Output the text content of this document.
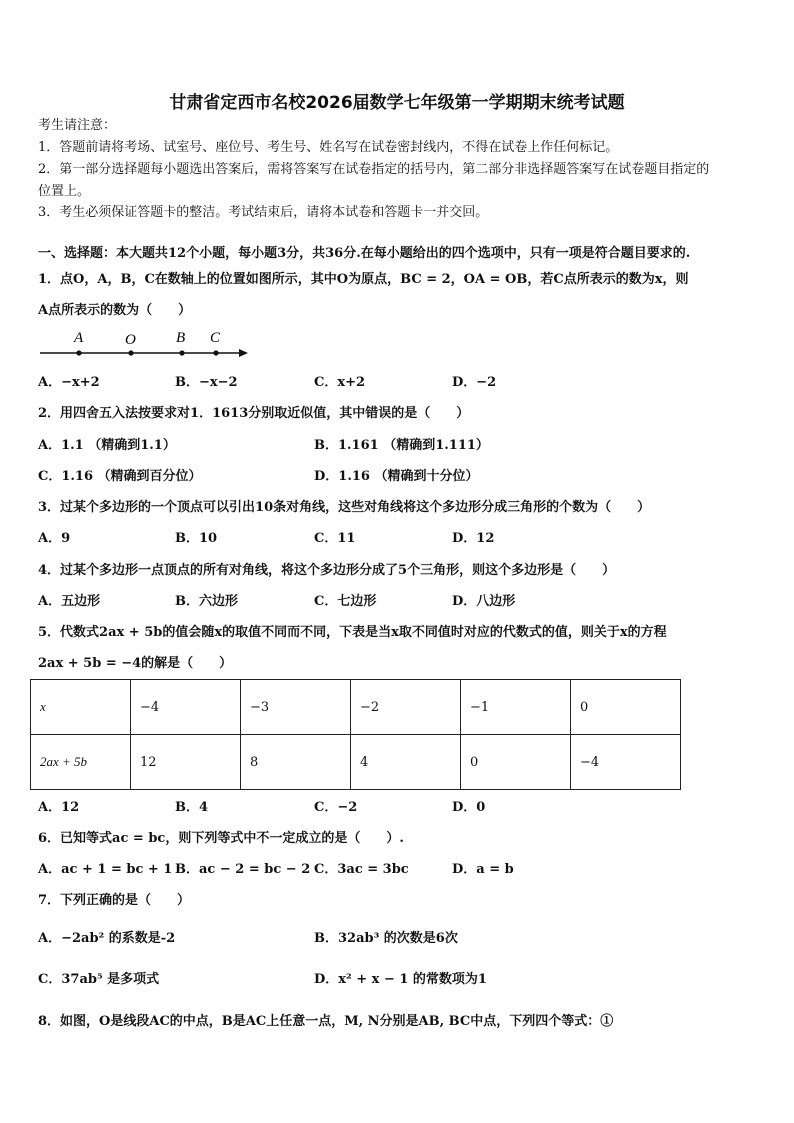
甘肃省定西市名校2026届数学七年级第一学期期末统考试题
考生请注意：
1．答题前请将考场、试室号、座位号、考生号、姓名写在试卷密封线内，不得在试卷上作任何标记。
2．第一部分选择题每小题选出答案后，需将答案写在试卷指定的括号内，第二部分非选择题答案写在试卷题目指定的
位置上。
3．考生必须保证答题卡的整洁。考试结束后，请将本试卷和答题卡一并交回。
一、选择题：本大题共12个小题，每小题3分，共36分.在每小题给出的四个选项中，只有一项是符合题目要求的.
1．点O，A，B，C在数轴上的位置如图所示，其中O为原点，BC = 2，OA = OB，若C点所表示的数为x，则
A点所表示的数为（　　）
A	O	B C
A．−x+2	B．−x−2	C．x+2	D．−2
2．用四舍五入法按要求对1．1613分别取近似值，其中错误的是（　　）
A．1.1 （精确到1.1）	B．1.161 （精确到1.111）
C．1.16 （精确到百分位）	D．1.16 （精确到十分位）
3．过某个多边形的一个顶点可以引出10条对角线，这些对角线将这个多边形分成三角形的个数为（　　）
A．9	B．10	C．11	D．12
4．过某个多边形一点顶点的所有对角线，将这个多边形分成了5个三角形，则这个多边形是（　　）
A．五边形	B．六边形	C．七边形	D．八边形
5．代数式2ax + 5b的值会随x的取值不同而不同，下表是当x取不同值时对应的代数式的值，则关于x的方程
2ax + 5b = −4的解是（　　）
x	−4	−3	−2	−1	0
2ax + 5b	12	8	4	0	−4
A．12	B．4	C．−2	D．0
6．已知等式ac = bc，则下列等式中不一定成立的是（　　）.
A．ac + 1 = bc + 1 B．ac − 2 = bc − 2 C．3ac = 3bc	D．a = b
7．下列正确的是（　　）
A．−2ab² 的系数是-2	B．32ab³ 的次数是6次
C．37ab⁵ 是多项式	D．x² + x − 1 的常数项为1
8．如图，O是线段AC的中点，B是AC上任意一点，M, N分别是AB, BC中点，下列四个等式：①
